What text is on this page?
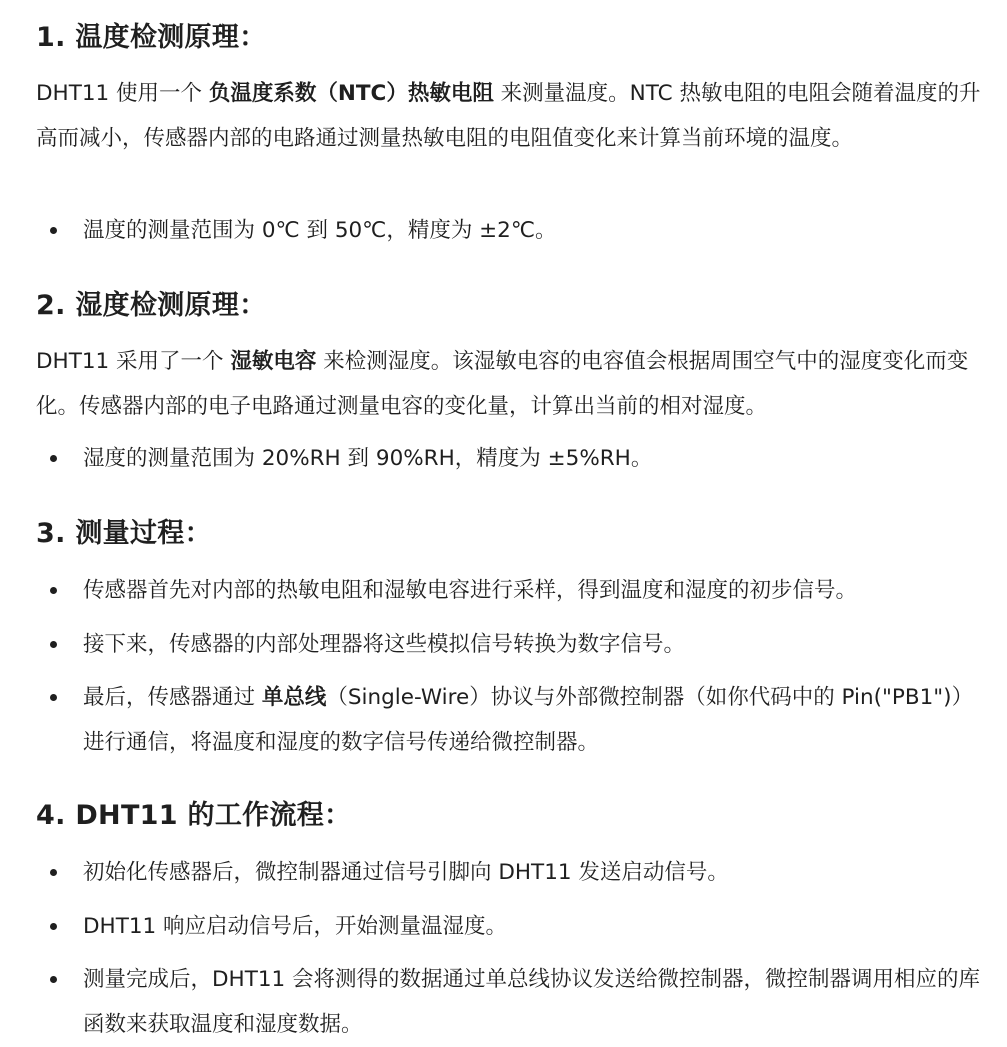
1. 温度检测原理：

DHT11 使用一个 负温度系数（NTC）热敏电阻 来测量温度。NTC 热敏电阻的电阻会随着温度的升高而减小，传感器内部的电路通过测量热敏电阻的电阻值变化来计算当前环境的温度。

温度的测量范围为 0℃ 到 50℃，精度为 ±2℃。
2. 湿度检测原理：

DHT11 采用了一个 湿敏电容 来检测湿度。该湿敏电容的电容值会根据周围空气中的湿度变化而变化。传感器内部的电子电路通过测量电容的变化量，计算出当前的相对湿度。

湿度的测量范围为 20%RH 到 90%RH，精度为 ±5%RH。
3. 测量过程：
传感器首先对内部的热敏电阻和湿敏电容进行采样，得到温度和湿度的初步信号。
接下来，传感器的内部处理器将这些模拟信号转换为数字信号。
最后，传感器通过 单总线（Single-Wire）协议与外部微控制器（如你代码中的 Pin("PB1")）进行通信，将温度和湿度的数字信号传递给微控制器。
4. DHT11 的工作流程：
初始化传感器后，微控制器通过信号引脚向 DHT11 发送启动信号。
DHT11 响应启动信号后，开始测量温湿度。
测量完成后，DHT11 会将测得的数据通过单总线协议发送给微控制器，微控制器调用相应的库函数来获取温度和湿度数据。
